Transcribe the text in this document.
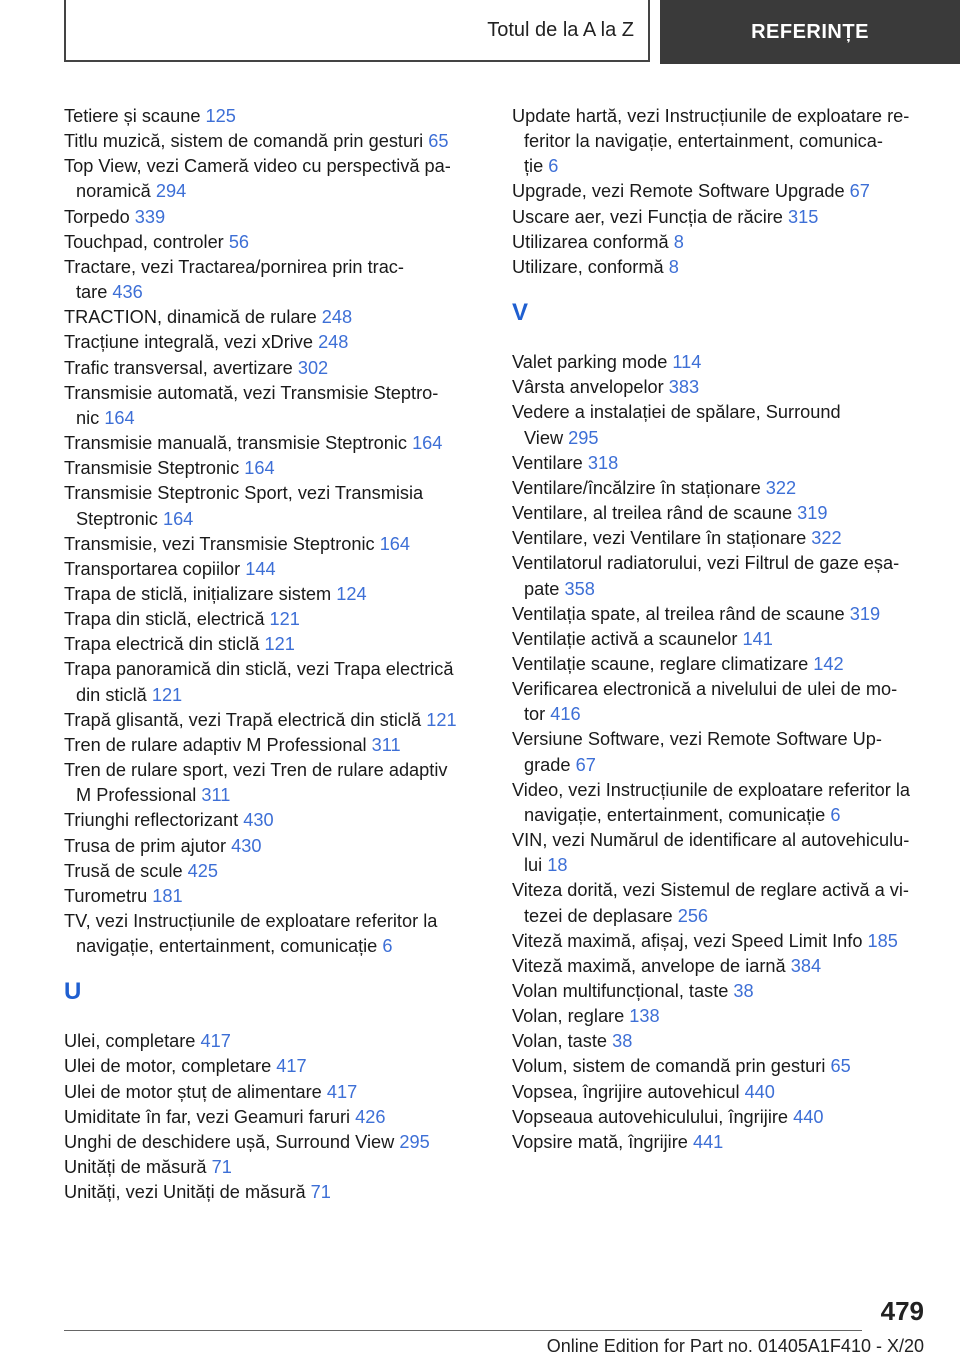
Totul de la A la Z	REFERINȚE
Tetiere și scaune 125
Titlu muzică, sistem de comandă prin gesturi 65
Top View, vezi Cameră video cu perspectivă pa-
noramică 294
Torpedo 339
Touchpad, controler 56
Tractare, vezi Tractarea/pornirea prin trac-
tare 436
TRACTION, dinamică de rulare 248
Tracțiune integrală, vezi xDrive 248
Trafic transversal, avertizare 302
Transmisie automată, vezi Transmisie Steptro-
nic 164
Transmisie manuală, transmisie Steptronic 164
Transmisie Steptronic 164
Transmisie Steptronic Sport, vezi Transmisia
Steptronic 164
Transmisie, vezi Transmisie Steptronic 164
Transportarea copiilor 144
Trapa de sticlă, inițializare sistem 124
Trapa din sticlă, electrică 121
Trapa electrică din sticlă 121
Trapa panoramică din sticlă, vezi Trapa electrică
din sticlă 121
Trapă glisantă, vezi Trapă electrică din sticlă 121
Tren de rulare adaptiv M Professional 311
Tren de rulare sport, vezi Tren de rulare adaptiv
M Professional 311
Triunghi reflectorizant 430
Trusa de prim ajutor 430
Trusă de scule 425
Turometru 181
TV, vezi Instrucțiunile de exploatare referitor la
navigație, entertainment, comunicație 6
U
Ulei, completare 417
Ulei de motor, completare 417
Ulei de motor ștuț de alimentare 417
Umiditate în far, vezi Geamuri faruri 426
Unghi de deschidere ușă, Surround View 295
Unități de măsură 71
Unități, vezi Unități de măsură 71
Update hartă, vezi Instrucțiunile de exploatare re-
feritor la navigație, entertainment, comunica-
ție 6
Upgrade, vezi Remote Software Upgrade 67
Uscare aer, vezi Funcția de răcire 315
Utilizarea conformă 8
Utilizare, conformă 8
V
Valet parking mode 114
Vârsta anvelopelor 383
Vedere a instalației de spălare, Surround
View 295
Ventilare 318
Ventilare/încălzire în staționare 322
Ventilare, al treilea rând de scaune 319
Ventilare, vezi Ventilare în staționare 322
Ventilatorul radiatorului, vezi Filtrul de gaze eșa-
pate 358
Ventilația spate, al treilea rând de scaune 319
Ventilație activă a scaunelor 141
Ventilație scaune, reglare climatizare 142
Verificarea electronică a nivelului de ulei de mo-
tor 416
Versiune Software, vezi Remote Software Up-
grade 67
Video, vezi Instrucțiunile de exploatare referitor la
navigație, entertainment, comunicație 6
VIN, vezi Numărul de identificare al autovehiculu-
lui 18
Viteza dorită, vezi Sistemul de reglare activă a vi-
tezei de deplasare 256
Viteză maximă, afișaj, vezi Speed Limit Info 185
Viteză maximă, anvelope de iarnă 384
Volan multifuncțional, taste 38
Volan, reglare 138
Volan, taste 38
Volum, sistem de comandă prin gesturi 65
Vopsea, îngrijire autovehicul 440
Vopseaua autovehiculului, îngrijire 440
Vopsire mată, îngrijire 441
479
Online Edition for Part no. 01405A1F410 - X/20
